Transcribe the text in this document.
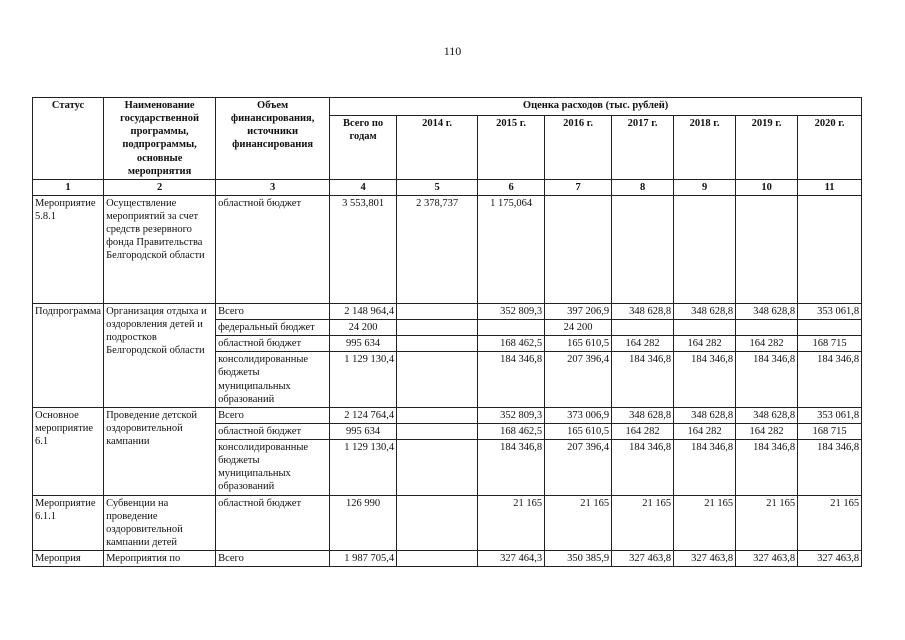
110
Статус	Наименование государственной программы, подпрограммы, основные мероприятия	Объем финансирования, источники финансирования	Оценка расходов (тыс. рублей)							
			Всего по годам	2014 г.	2015 г.	2016 г.	2017 г.	2018 г.	2019 г.	2020 г.
1	2	3	4	5	6	7	8	9	10	11
Мероприятие 5.8.1	Осуществление мероприятий за счет средств резервного фонда Правительства Белгородской области	областной бюджет	3 553,801	2 378,737	1 175,064					
Подпрограмма	Организация отдыха и оздоровления детей и подростков Белгородской области	Всего	2 148 964,4		352 809,3	397 206,9	348 628,8	348 628,8	348 628,8	353 061,8
		федеральный бюджет	24 200			24 200				
		областной бюджет	995 634		168 462,5	165 610,5	164 282	164 282	164 282	168 715
		консолидированные бюджеты муниципальных образований	1 129 130,4		184 346,8	207 396,4	184 346,8	184 346,8	184 346,8	184 346,8
Основное мероприятие 6.1	Проведение детской оздоровительной кампании	Всего	2 124 764,4		352 809,3	373 006,9	348 628,8	348 628,8	348 628,8	353 061,8
		областной бюджет	995 634		168 462,5	165 610,5	164 282	164 282	164 282	168 715
		консолидированные бюджеты муниципальных образований	1 129 130,4		184 346,8	207 396,4	184 346,8	184 346,8	184 346,8	184 346,8
Мероприятие 6.1.1	Субвенции на проведение оздоровительной кампании детей	областной бюджет	126 990		21 165	21 165	21 165	21 165	21 165	21 165
Мероприя	Мероприятия по	Всего	1 987 705,4		327 464,3	350 385,9	327 463,8	327 463,8	327 463,8	327 463,8
